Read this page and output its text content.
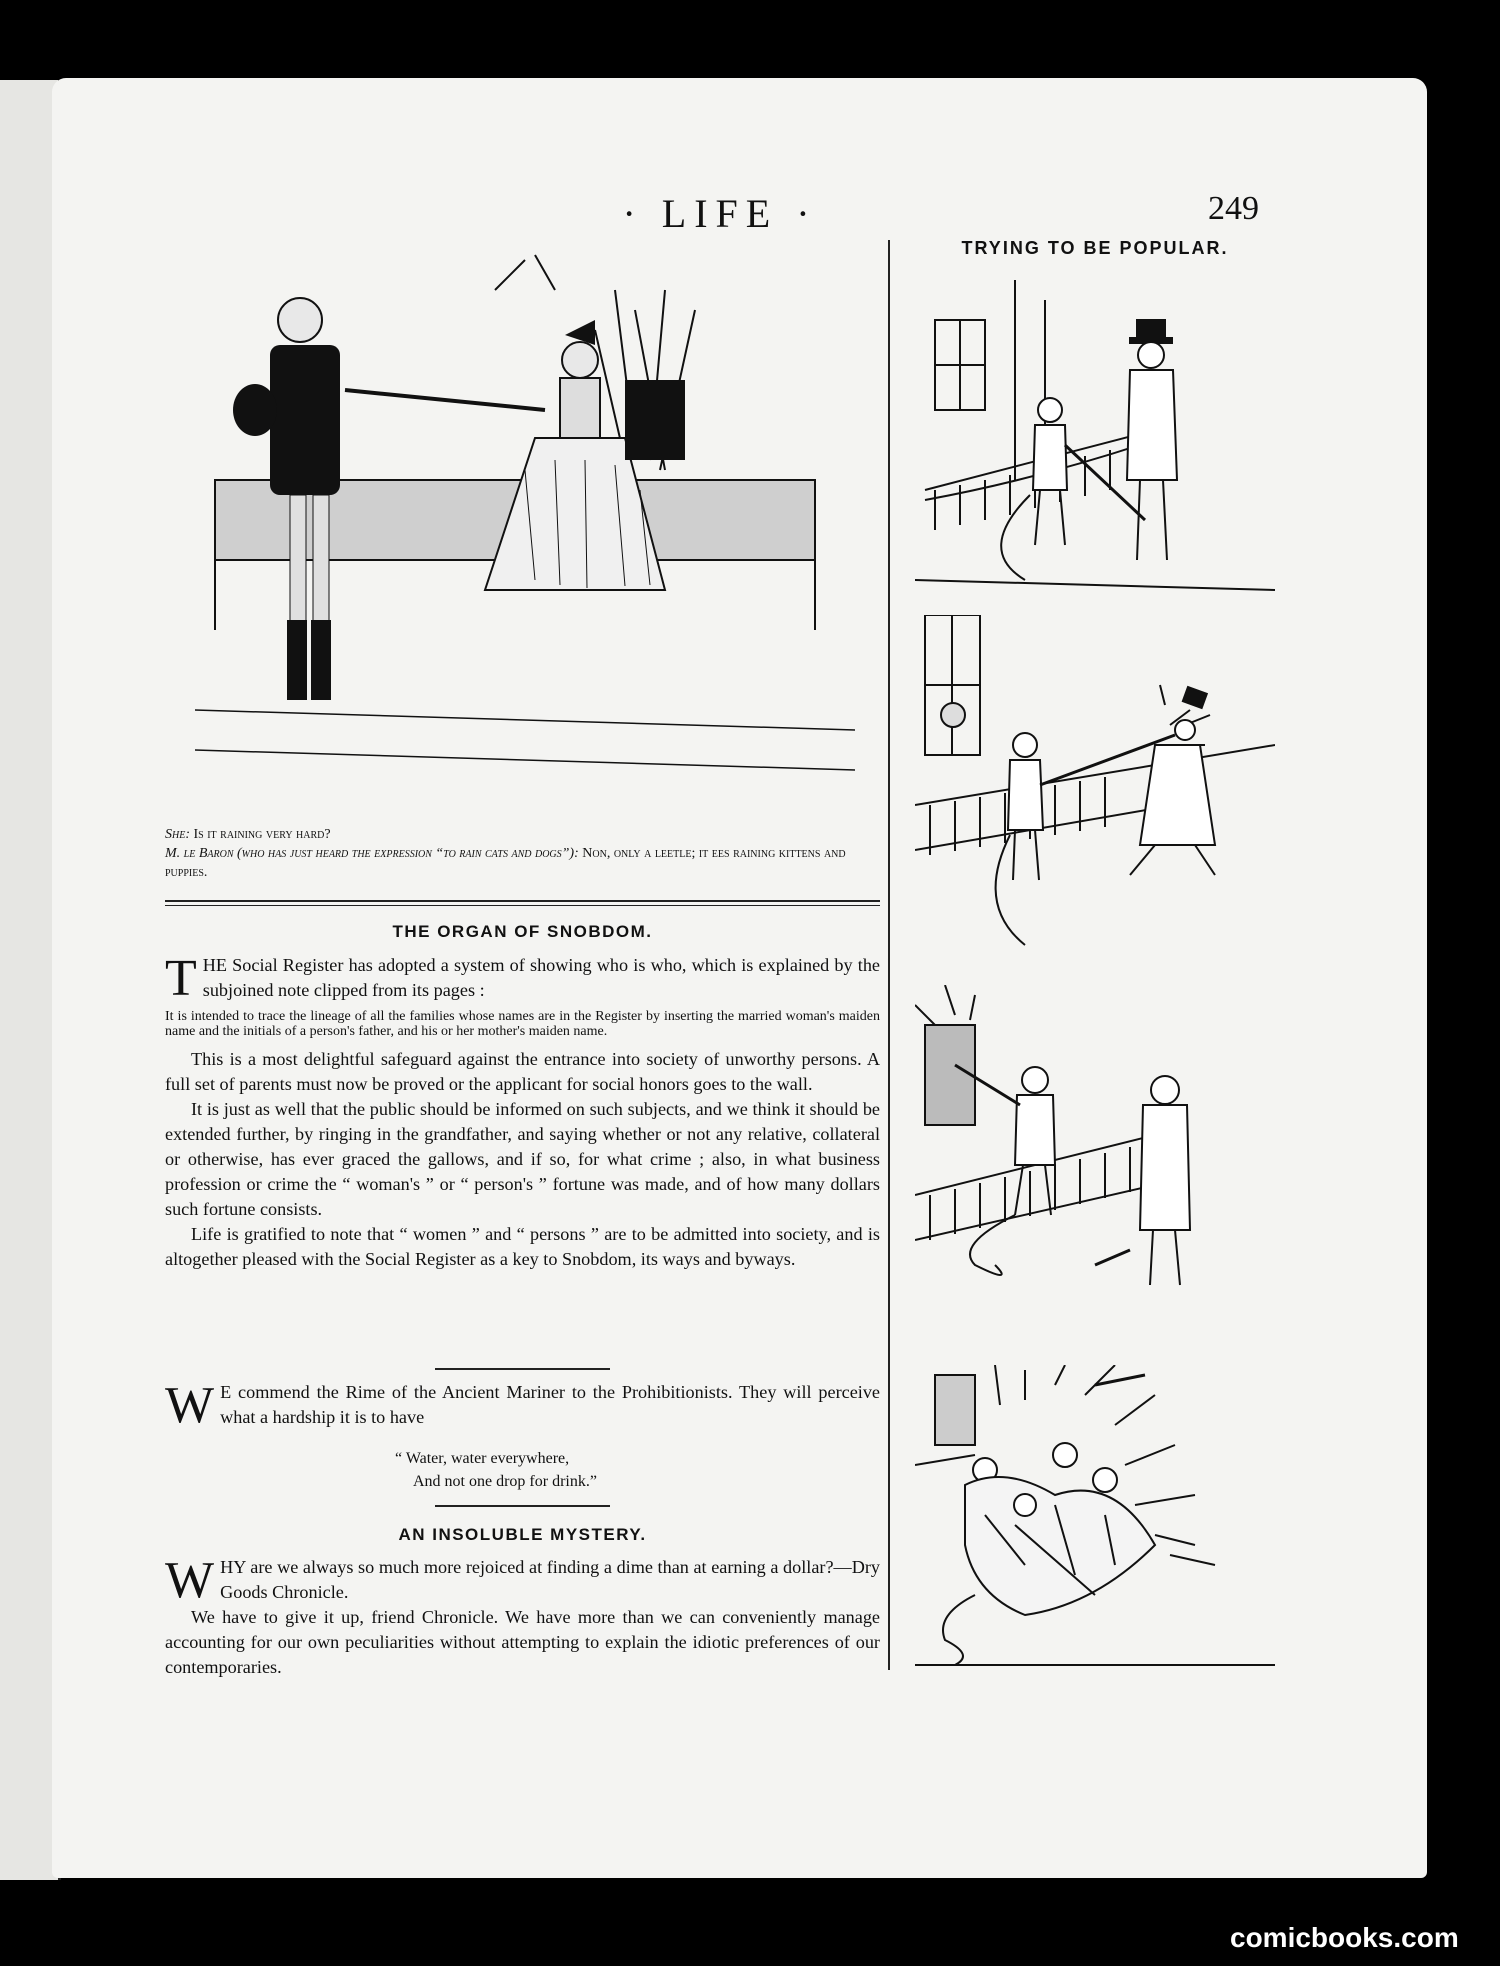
· LIFE ·	249
She: Is it raining very hard?
M. le Baron (who has just heard the expression “to rain cats and dogs”): Non, only a leetle; it ees raining kittens and puppies.
THE ORGAN OF SNOBDOM.
T HE Social Register has adopted a system of showing who is who, which is explained by the subjoined note clipped from its pages :

It is intended to trace the lineage of all the families whose names are in the Register by inserting the married woman's maiden name and the initials of a person's father, and his or her mother's maiden name.

This is a most delightful safeguard against the entrance into society of unworthy persons. A full set of parents must now be proved or the applicant for social honors goes to the wall.

It is just as well that the public should be informed on such subjects, and we think it should be extended further, by ringing in the grandfather, and saying whether or not any relative, collateral or otherwise, has ever graced the gallows, and if so, for what crime ; also, in what business profession or crime the “ woman's ” or “ person's ” fortune was made, and of how many dollars such fortune consists.

Life is gratified to note that “ women ” and “ persons ” are to be admitted into society, and is altogether pleased with the Social Register as a key to Snobdom, its ways and byways.

W E commend the Rime of the Ancient Mariner to the Prohibitionists. They will perceive what a hardship it is to have
“ Water, water everywhere,
And not one drop for drink.”
AN INSOLUBLE MYSTERY.
W HY are we always so much more rejoiced at finding a dime than at earning a dollar?—Dry Goods Chronicle.

We have to give it up, friend Chronicle. We have more than we can conveniently manage accounting for our own peculiarities without attempting to explain the idiotic preferences of our contemporaries.

TRYING TO BE POPULAR.
comicbooks.com
